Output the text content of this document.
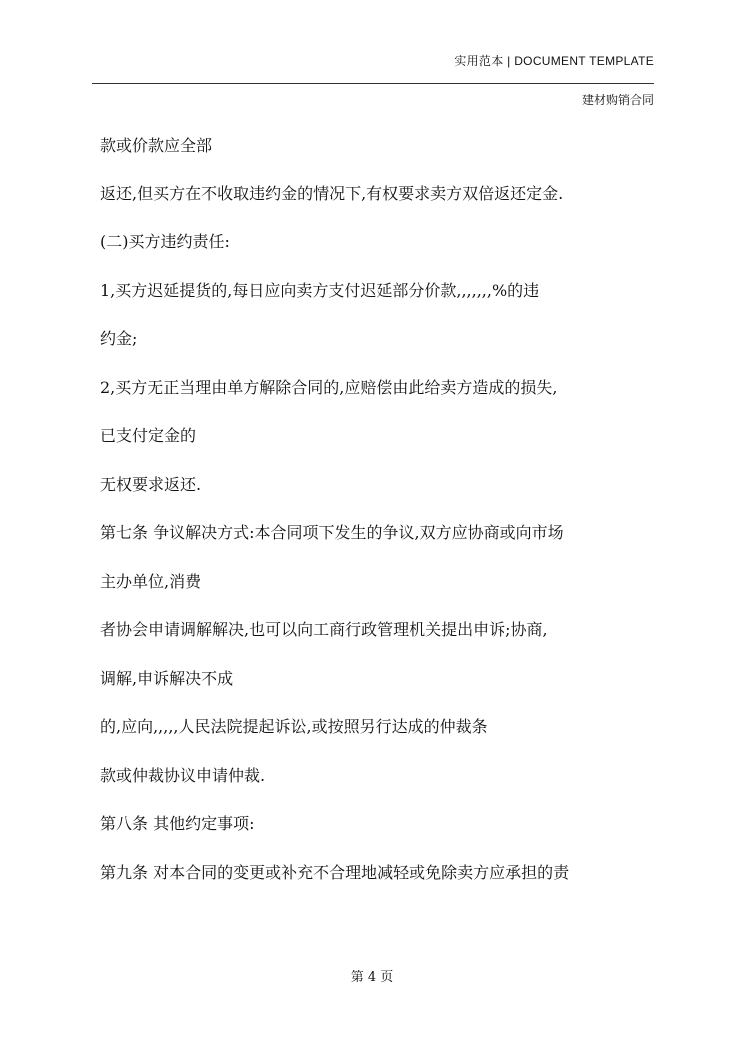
实用范本 | DOCUMENT TEMPLATE
建材购销合同
款或价款应全部
返还,但买方在不收取违约金的情况下,有权要求卖方双倍返还定金.
(二)买方违约责任:
1,买方迟延提货的,每日应向卖方支付迟延部分价款,,,,,,,%的违
约金;
2,买方无正当理由单方解除合同的,应赔偿由此给卖方造成的损失,
已支付定金的
无权要求返还.
第七条 争议解决方式:本合同项下发生的争议,双方应协商或向市场
主办单位,消费
者协会申请调解解决,也可以向工商行政管理机关提出申诉;协商,
调解,申诉解决不成
的,应向,,,,,人民法院提起诉讼,或按照另行达成的仲裁条
款或仲裁协议申请仲裁.
第八条 其他约定事项:
第九条 对本合同的变更或补充不合理地减轻或免除卖方应承担的责
第 4 页
